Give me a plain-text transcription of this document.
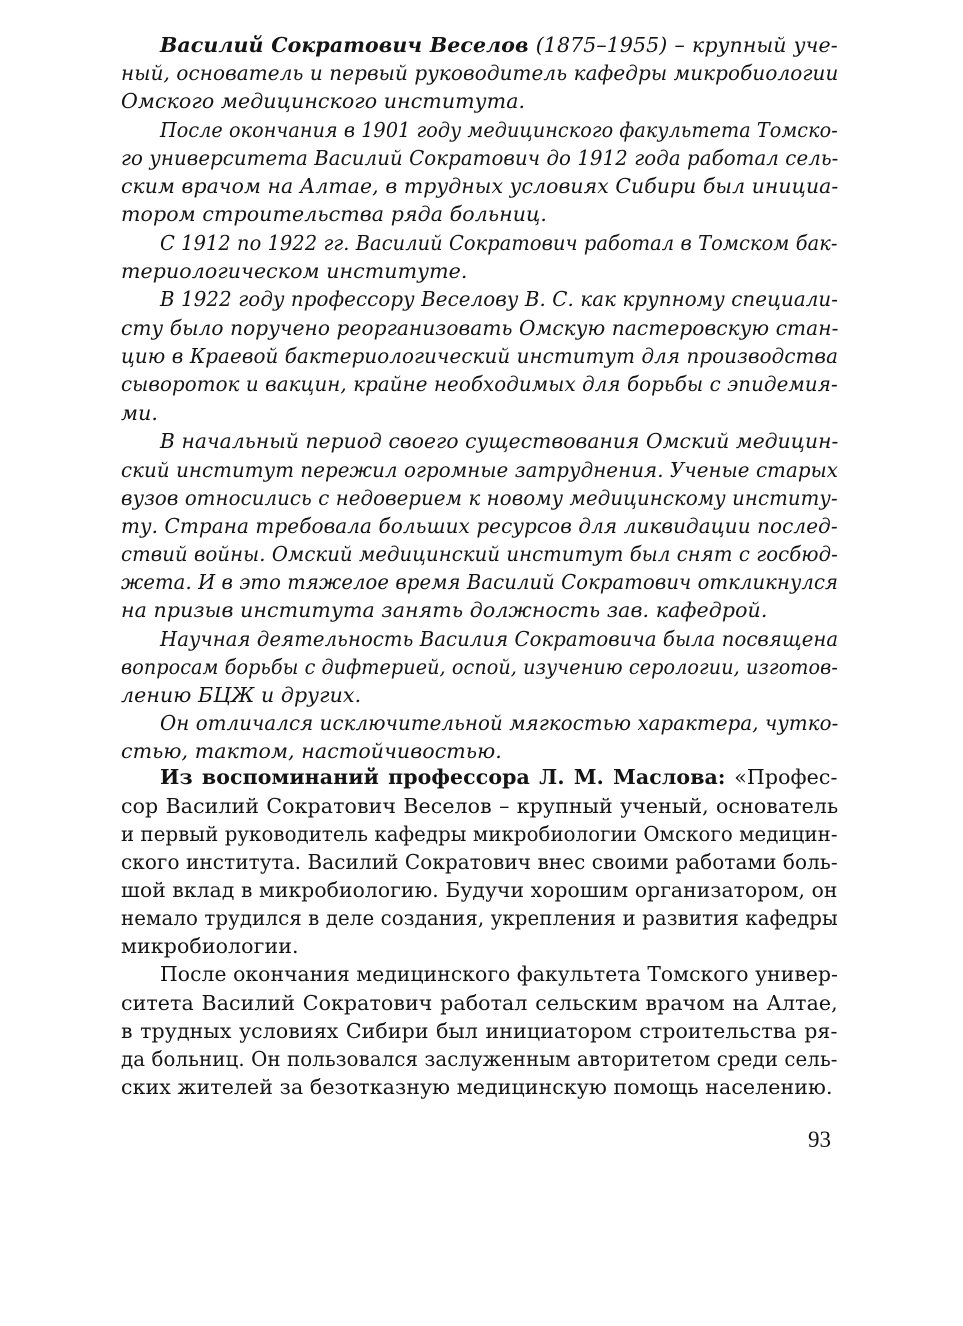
Василий Сократович Веселов (1875–1955) – крупный уче-

ный, основатель и первый руководитель кафедры микробиологии

Омского медицинского института.

После окончания в 1901 году медицинского факультета Томско-

го университета Василий Сократович до 1912 года работал сель-

ским врачом на Алтае, в трудных условиях Сибири был инициа-

тором строительства ряда больниц.

С 1912 по 1922 гг. Василий Сократович работал в Томском бак-

териологическом институте.

В 1922 году профессору Веселову В. С. как крупному специали-

сту было поручено реорганизовать Омскую пастеровскую стан-

цию в Краевой бактериологический институт для производства

сывороток и вакцин, крайне необходимых для борьбы с эпидемия-

ми.

В начальный период своего существования Омский медицин-

ский институт пережил огромные затруднения. Ученые старых

вузов относились с недоверием к новому медицинскому институ-

ту. Страна требовала больших ресурсов для ликвидации послед-

ствий войны. Омский медицинский институт был снят с госбюд-

жета. И в это тяжелое время Василий Сократович откликнулся

на призыв института занять должность зав. кафедрой.

Научная деятельность Василия Сократовича была посвящена

вопросам борьбы с дифтерией, оспой, изучению серологии, изготов-

лению БЦЖ и других.

Он отличался исключительной мягкостью характера, чутко-

стью, тактом, настойчивостью.

Из воспоминаний профессора Л. М. Маслова: «Профес-

сор Василий Сократович Веселов – крупный ученый, основатель

и первый руководитель кафедры микробиологии Омского медицин-

ского института. Василий Сократович внес своими работами боль-

шой вклад в микробиологию. Будучи хорошим организатором, он

немало трудился в деле создания, укрепления и развития кафедры

микробиологии.

После окончания медицинского факультета Томского универ-

ситета Василий Сократович работал сельским врачом на Алтае,

в трудных условиях Сибири был инициатором строительства ря-

да больниц. Он пользовался заслуженным авторитетом среди сель-

ских жителей за безотказную медицинскую помощь населению.

93
